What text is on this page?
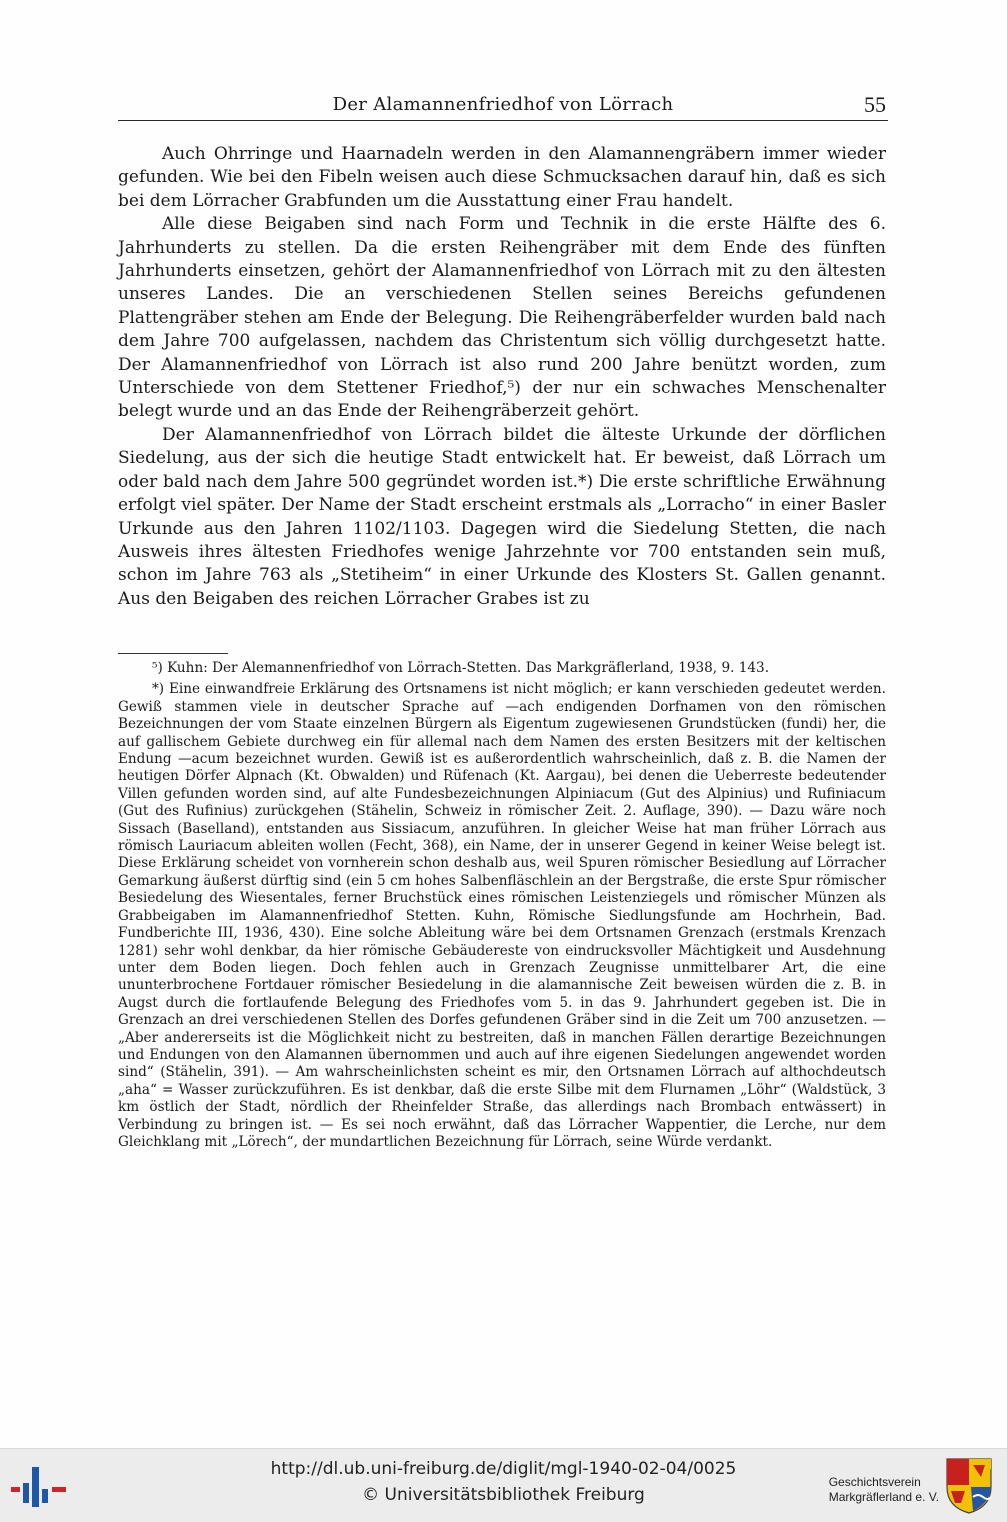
Der Alamannenfriedhof von Lörrach	55

Auch Ohrringe und Haarnadeln werden in den Alamannengräbern immer wieder gefunden. Wie bei den Fibeln weisen auch diese Schmucksachen darauf hin, daß es sich bei dem Lörracher Grabfunden um die Ausstattung einer Frau handelt.

Alle diese Beigaben sind nach Form und Technik in die erste Hälfte des 6. Jahrhunderts zu stellen. Da die ersten Reihengräber mit dem Ende des fünften Jahrhunderts einsetzen, gehört der Alamannenfriedhof von Lörrach mit zu den ältesten unseres Landes. Die an verschiedenen Stellen seines Bereichs gefundenen Plattengräber stehen am Ende der Belegung. Die Reihengräberfelder wurden bald nach dem Jahre 700 aufgelassen, nachdem das Christentum sich völlig durchgesetzt hatte. Der Alamannenfriedhof von Lörrach ist also rund 200 Jahre benützt worden, zum Unterschiede von dem Stettener Friedhof,⁵) der nur ein schwaches Menschenalter belegt wurde und an das Ende der Reihengräberzeit gehört.

Der Alamannenfriedhof von Lörrach bildet die älteste Urkunde der dörflichen Siedelung, aus der sich die heutige Stadt entwickelt hat. Er beweist, daß Lörrach um oder bald nach dem Jahre 500 gegründet worden ist.*) Die erste schriftliche Erwähnung erfolgt viel später. Der Name der Stadt erscheint erstmals als „Lorracho“ in einer Basler Urkunde aus den Jahren 1102/1103. Dagegen wird die Siedelung Stetten, die nach Ausweis ihres ältesten Friedhofes wenige Jahrzehnte vor 700 entstanden sein muß, schon im Jahre 763 als „Stetiheim“ in einer Urkunde des Klosters St. Gallen genannt. Aus den Beigaben des reichen Lörracher Grabes ist zu

⁵) Kuhn: Der Alemannenfriedhof von Lörrach-Stetten. Das Markgräflerland, 1938, 9. 143.

*) Eine einwandfreie Erklärung des Ortsnamens ist nicht möglich; er kann verschieden gedeutet werden. Gewiß stammen viele in deutscher Sprache auf —ach endigenden Dorfnamen von den römischen Bezeichnungen der vom Staate einzelnen Bürgern als Eigentum zugewiesenen Grundstücken (fundi) her, die auf gallischem Gebiete durchweg ein für allemal nach dem Namen des ersten Besitzers mit der keltischen Endung —acum bezeichnet wurden. Gewiß ist es außerordentlich wahrscheinlich, daß z. B. die Namen der heutigen Dörfer Alpnach (Kt. Obwalden) und Rüfenach (Kt. Aargau), bei denen die Ueberreste bedeutender Villen gefunden worden sind, auf alte Fundesbezeichnungen Alpiniacum (Gut des Alpinius) und Rufiniacum (Gut des Rufinius) zurückgehen (Stähelin, Schweiz in römischer Zeit. 2. Auflage, 390). — Dazu wäre noch Sissach (Baselland), entstanden aus Sissiacum, anzuführen. In gleicher Weise hat man früher Lörrach aus römisch Lauriacum ableiten wollen (Fecht, 368), ein Name, der in unserer Gegend in keiner Weise belegt ist. Diese Erklärung scheidet von vornherein schon deshalb aus, weil Spuren römischer Besiedlung auf Lörracher Gemarkung äußerst dürftig sind (ein 5 cm hohes Salbenfläschlein an der Bergstraße, die erste Spur römischer Besiedelung des Wiesentales, ferner Bruchstück eines römischen Leistenziegels und römischer Münzen als Grabbeigaben im Alamannenfriedhof Stetten. Kuhn, Römische Siedlungsfunde am Hochrhein, Bad. Fundberichte III, 1936, 430). Eine solche Ableitung wäre bei dem Ortsnamen Grenzach (erstmals Krenzach 1281) sehr wohl denkbar, da hier römische Gebäudereste von eindrucksvoller Mächtigkeit und Ausdehnung unter dem Boden liegen. Doch fehlen auch in Grenzach Zeugnisse unmittelbarer Art, die eine ununterbrochene Fortdauer römischer Besiedelung in die alamannische Zeit beweisen würden die z. B. in Augst durch die fortlaufende Belegung des Friedhofes vom 5. in das 9. Jahrhundert gegeben ist. Die in Grenzach an drei verschiedenen Stellen des Dorfes gefundenen Gräber sind in die Zeit um 700 anzusetzen. — „Aber andererseits ist die Möglichkeit nicht zu bestreiten, daß in manchen Fällen derartige Bezeichnungen und Endungen von den Alamannen übernommen und auch auf ihre eigenen Siedelungen angewendet worden sind“ (Stähelin, 391). — Am wahrscheinlichsten scheint es mir, den Ortsnamen Lörrach auf althochdeutsch „aha“ = Wasser zurückzuführen. Es ist denkbar, daß die erste Silbe mit dem Flurnamen „Löhr“ (Waldstück, 3 km östlich der Stadt, nördlich der Rheinfelder Straße, das allerdings nach Brombach entwässert) in Verbindung zu bringen ist. — Es sei noch erwähnt, daß das Lörracher Wappentier, die Lerche, nur dem Gleichklang mit „Lörech“, der mundartlichen Bezeichnung für Lörrach, seine Würde verdankt.

http://dl.ub.uni-freiburg.de/diglit/mgl-1940-02-04/0025
© Universitätsbibliothek Freiburg
Geschichtsverein
Markgräflerland e. V.
